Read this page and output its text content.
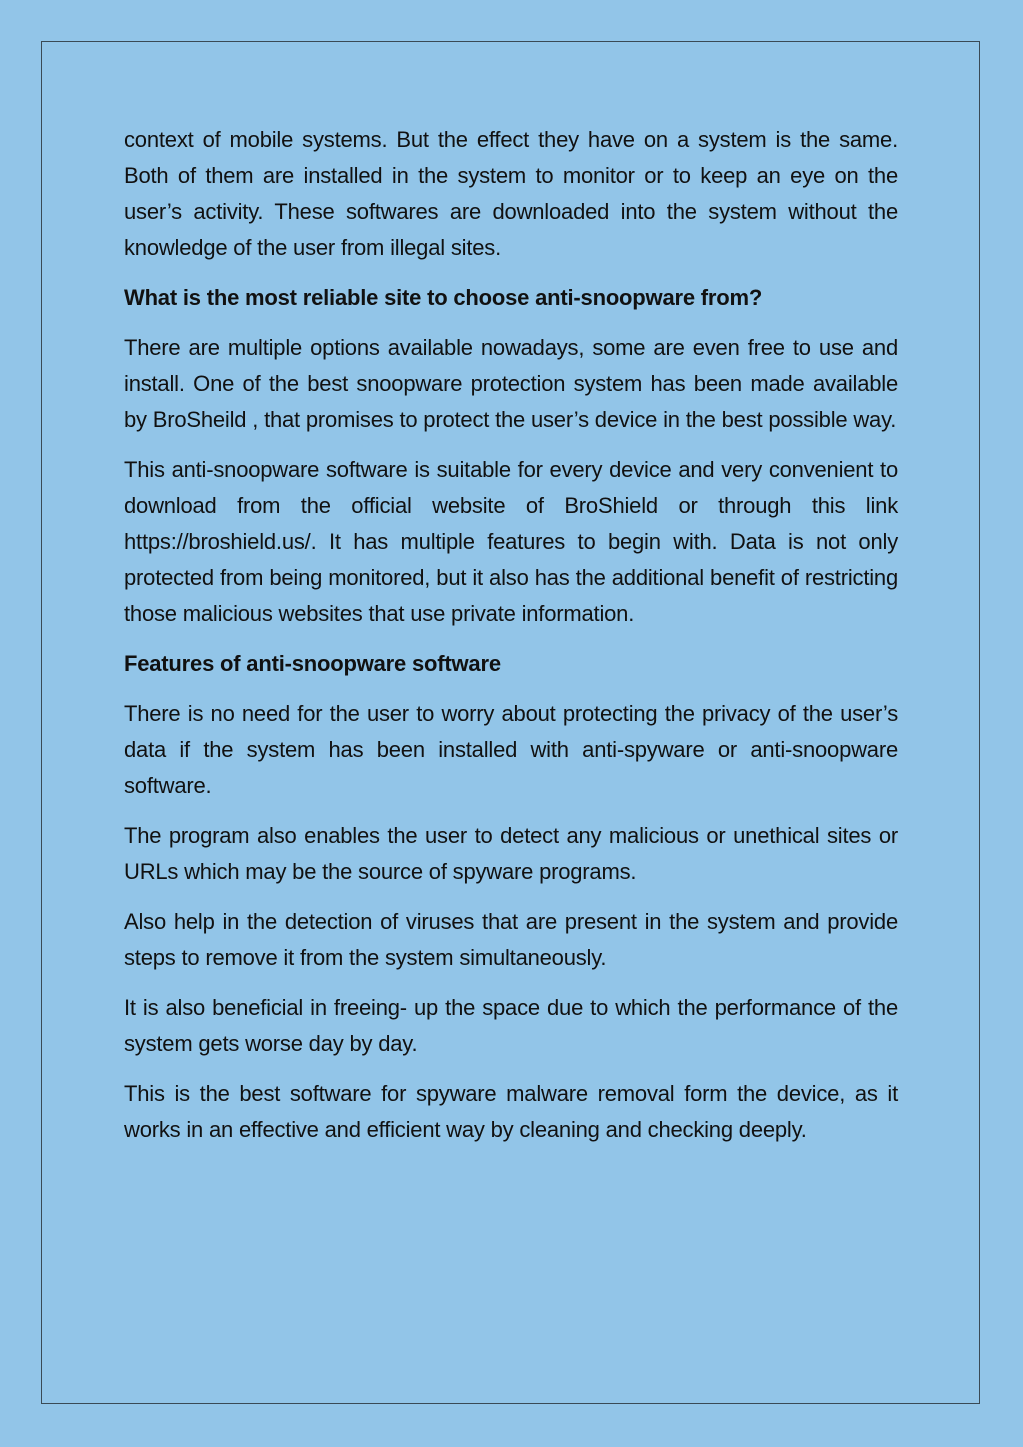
context of mobile systems. But the effect they have on a system is the same. Both of them are installed in the system to monitor or to keep an eye on the user’s activity. These softwares are downloaded into the system without the knowledge of the user from illegal sites.

What is the most reliable site to choose anti-snoopware from?

There are multiple options available nowadays, some are even free to use and install. One of the best snoopware protection system has been made available by BroSheild , that promises to protect the user’s device in the best possible way.

This anti-snoopware software is suitable for every device and very convenient to download from the official website of BroShield or through this link https://broshield.us/. It has multiple features to begin with. Data is not only protected from being monitored, but it also has the additional benefit of restricting those malicious websites that use private information.

Features of anti-snoopware software

There is no need for the user to worry about protecting the privacy of the user’s data if the system has been installed with anti-spyware or anti-snoopware software.

The program also enables the user to detect any malicious or unethical sites or URLs which may be the source of spyware programs.

Also help in the detection of viruses that are present in the system and provide steps to remove it from the system simultaneously.

It is also beneficial in freeing- up the space due to which the performance of the system gets worse day by day.

This is the best software for spyware malware removal form the device, as it works in an effective and efficient way by cleaning and checking deeply.
